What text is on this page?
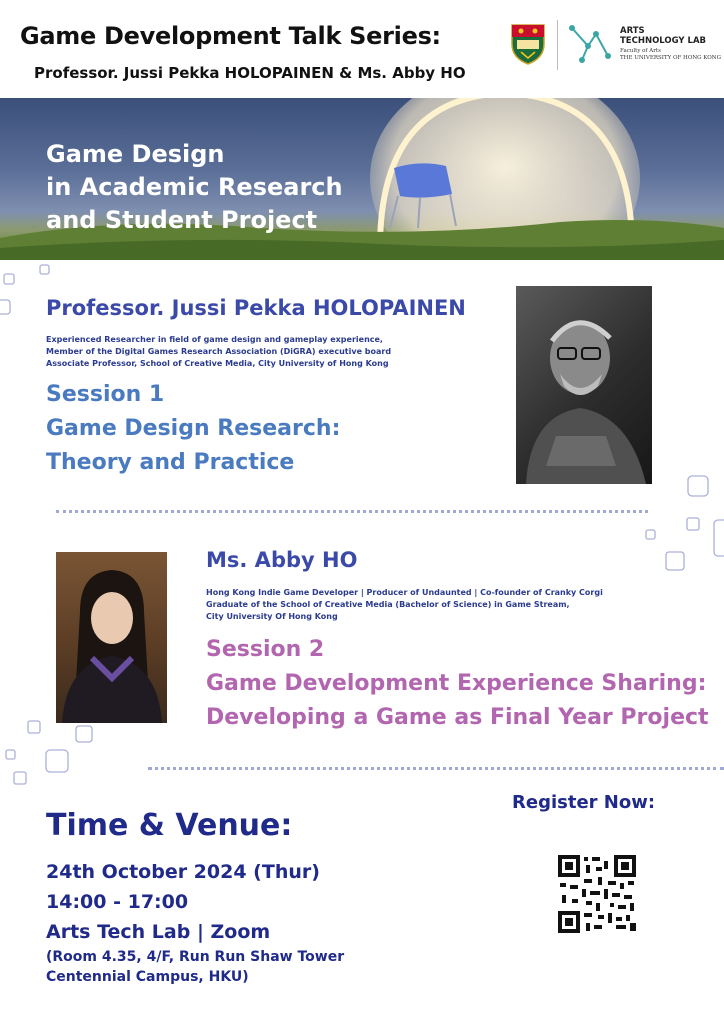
Game Development Talk Series:
Professor. Jussi Pekka HOLOPAINEN & Ms. Abby HO
ARTS
TECHNOLOGY LAB
Faculty of Arts
THE UNIVERSITY OF HONG KONG
Game Design
in Academic Research
and Student Project
Professor. Jussi Pekka HOLOPAINEN
Experienced Researcher in field of game design and gameplay experience,
Member of the Digital Games Research Association (DiGRA) executive board
Associate Professor, School of Creative Media, City University of Hong Kong
Session 1
Game Design Research:
Theory and Practice
Ms. Abby HO
Hong Kong Indie Game Developer | Producer of Undaunted | Co-founder of Cranky Corgi
Graduate of the School of Creative Media (Bachelor of Science) in Game Stream,
City University Of Hong Kong
Session 2
Game Development Experience Sharing:
Developing a Game as Final Year Project
Time & Venue:
24th October 2024 (Thur)
14:00 - 17:00
Arts Tech Lab | Zoom
(Room 4.35, 4/F, Run Run Shaw Tower
Centennial Campus, HKU)
Register Now:
